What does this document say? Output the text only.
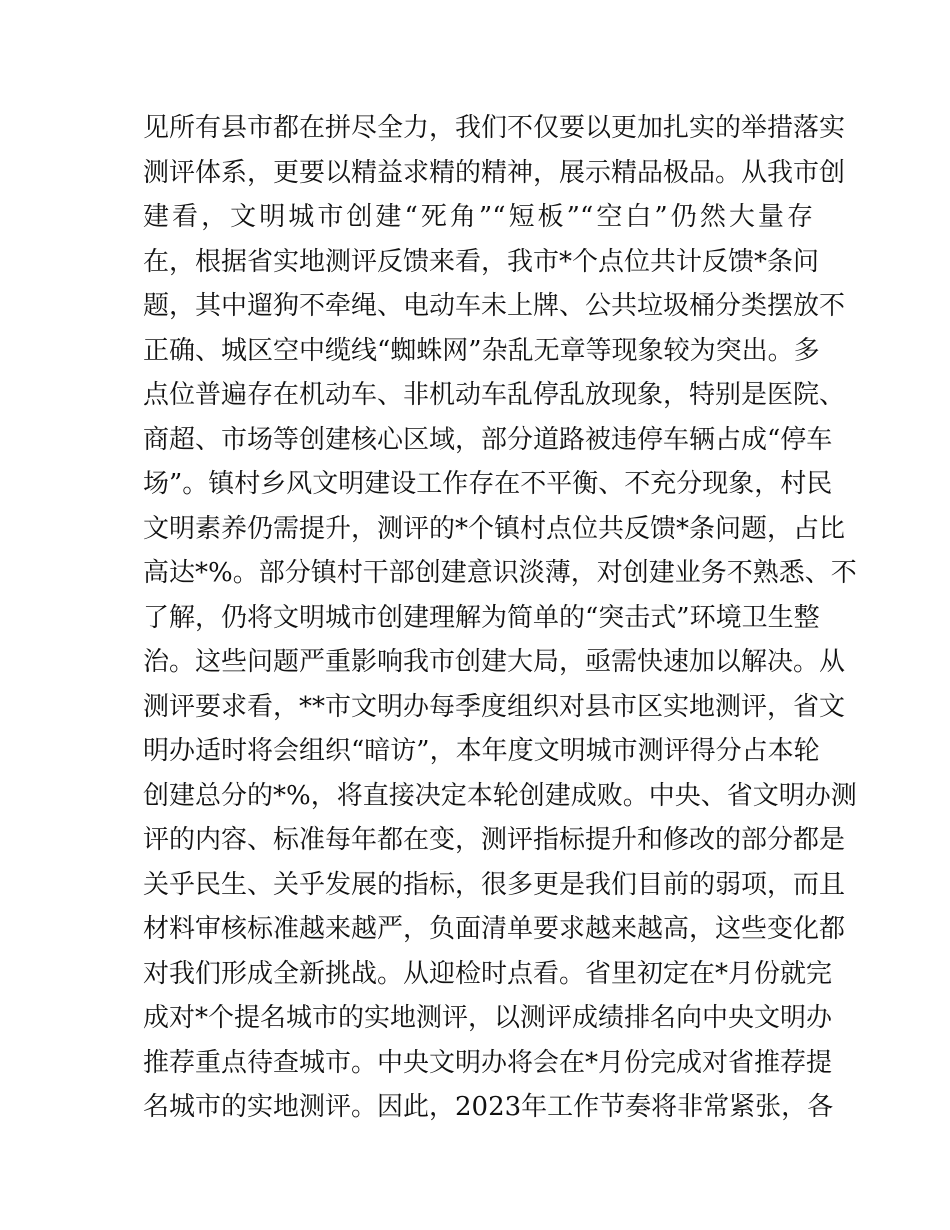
见所有县市都在拼尽全力，我们不仅要以更加扎实的举措落实
测评体系，更要以精益求精的精神，展示精品极品。从我市创
建看，文明城市创建“死角”“短板”“空白”仍然大量存
在，根据省实地测评反馈来看，我市*个点位共计反馈*条问
题，其中遛狗不牵绳、电动车未上牌、公共垃圾桶分类摆放不
正确、城区空中缆线“蜘蛛网”杂乱无章等现象较为突出。多
点位普遍存在机动车、非机动车乱停乱放现象，特别是医院、
商超、市场等创建核心区域，部分道路被违停车辆占成“停车
场”。镇村乡风文明建设工作存在不平衡、不充分现象，村民
文明素养仍需提升，测评的*个镇村点位共反馈*条问题，占比
高达*%。部分镇村干部创建意识淡薄，对创建业务不熟悉、不
了解，仍将文明城市创建理解为简单的“突击式”环境卫生整
治。这些问题严重影响我市创建大局，亟需快速加以解决。从
测评要求看，**市文明办每季度组织对县市区实地测评，省文
明办适时将会组织“暗访”，本年度文明城市测评得分占本轮
创建总分的*%，将直接决定本轮创建成败。中央、省文明办测
评的内容、标准每年都在变，测评指标提升和修改的部分都是
关乎民生、关乎发展的指标，很多更是我们目前的弱项，而且
材料审核标准越来越严，负面清单要求越来越高，这些变化都
对我们形成全新挑战。从迎检时点看。省里初定在*月份就完
成对*个提名城市的实地测评，以测评成绩排名向中央文明办
推荐重点待查城市。中央文明办将会在*月份完成对省推荐提
名城市的实地测评。因此，2023年工作节奏将非常紧张，各
